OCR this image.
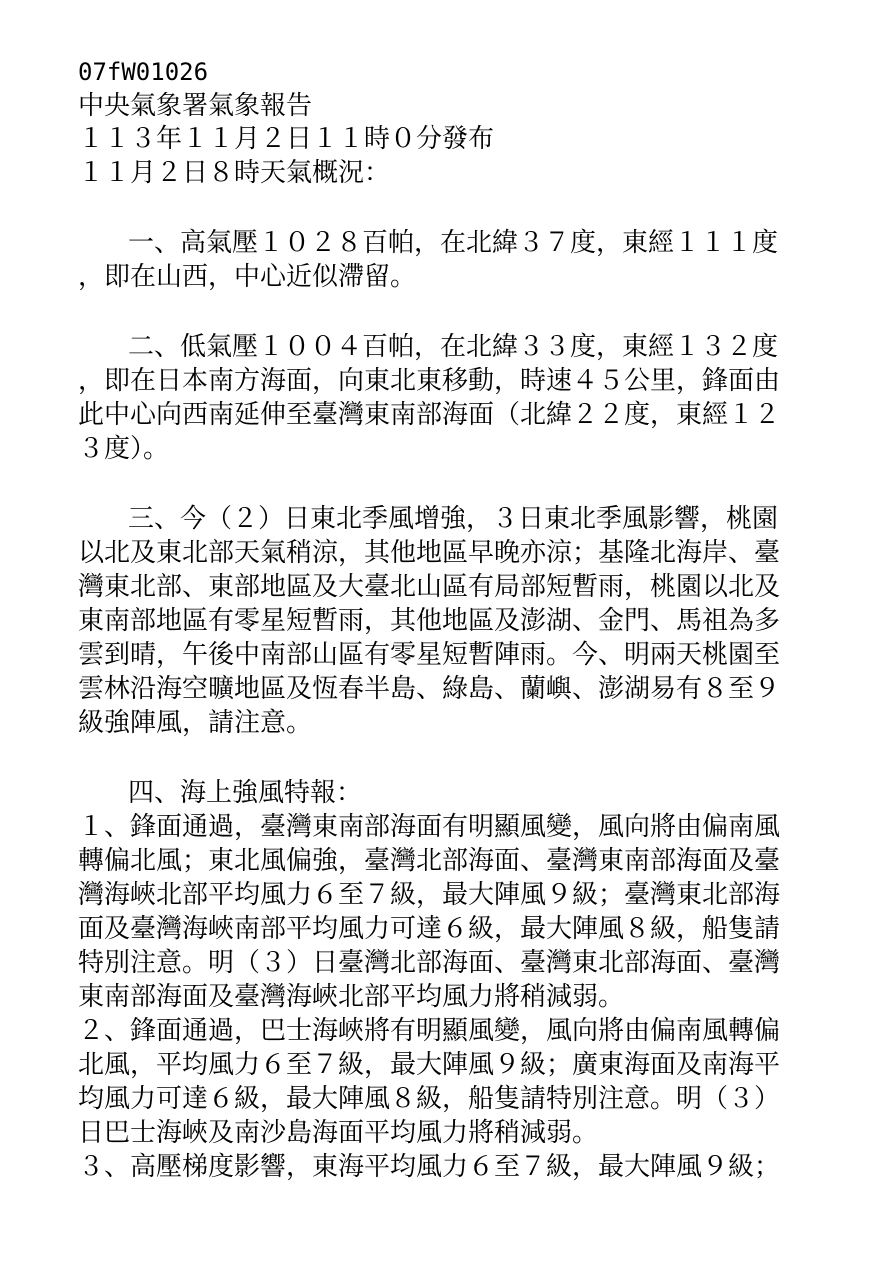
07fW01026
中央氣象署氣象報告
１１３年１１月２日１１時０分發布
１１月２日８時天氣概況：
一、高氣壓１０２８百帕，在北緯３７度，東經１１１度
，即在山西，中心近似滯留。
二、低氣壓１００４百帕，在北緯３３度，東經１３２度
，即在日本南方海面，向東北東移動，時速４５公里，鋒面由
此中心向西南延伸至臺灣東南部海面（北緯２２度，東經１２
３度）。
三、今（２）日東北季風增強，３日東北季風影響，桃園
以北及東北部天氣稍涼，其他地區早晚亦涼；基隆北海岸、臺
灣東北部、東部地區及大臺北山區有局部短暫雨，桃園以北及
東南部地區有零星短暫雨，其他地區及澎湖、金門、馬祖為多
雲到晴，午後中南部山區有零星短暫陣雨。今、明兩天桃園至
雲林沿海空曠地區及恆春半島、綠島、蘭嶼、澎湖易有８至９
級強陣風，請注意。
四、海上強風特報：
１、鋒面通過，臺灣東南部海面有明顯風變，風向將由偏南風
轉偏北風；東北風偏強，臺灣北部海面、臺灣東南部海面及臺
灣海峽北部平均風力６至７級，最大陣風９級；臺灣東北部海
面及臺灣海峽南部平均風力可達６級，最大陣風８級，船隻請
特別注意。明（３）日臺灣北部海面、臺灣東北部海面、臺灣
東南部海面及臺灣海峽北部平均風力將稍減弱。
２、鋒面通過，巴士海峽將有明顯風變，風向將由偏南風轉偏
北風，平均風力６至７級，最大陣風９級；廣東海面及南海平
均風力可達６級，最大陣風８級，船隻請特別注意。明（３）
日巴士海峽及南沙島海面平均風力將稍減弱。
３、高壓梯度影響，東海平均風力６至７級，最大陣風９級；
